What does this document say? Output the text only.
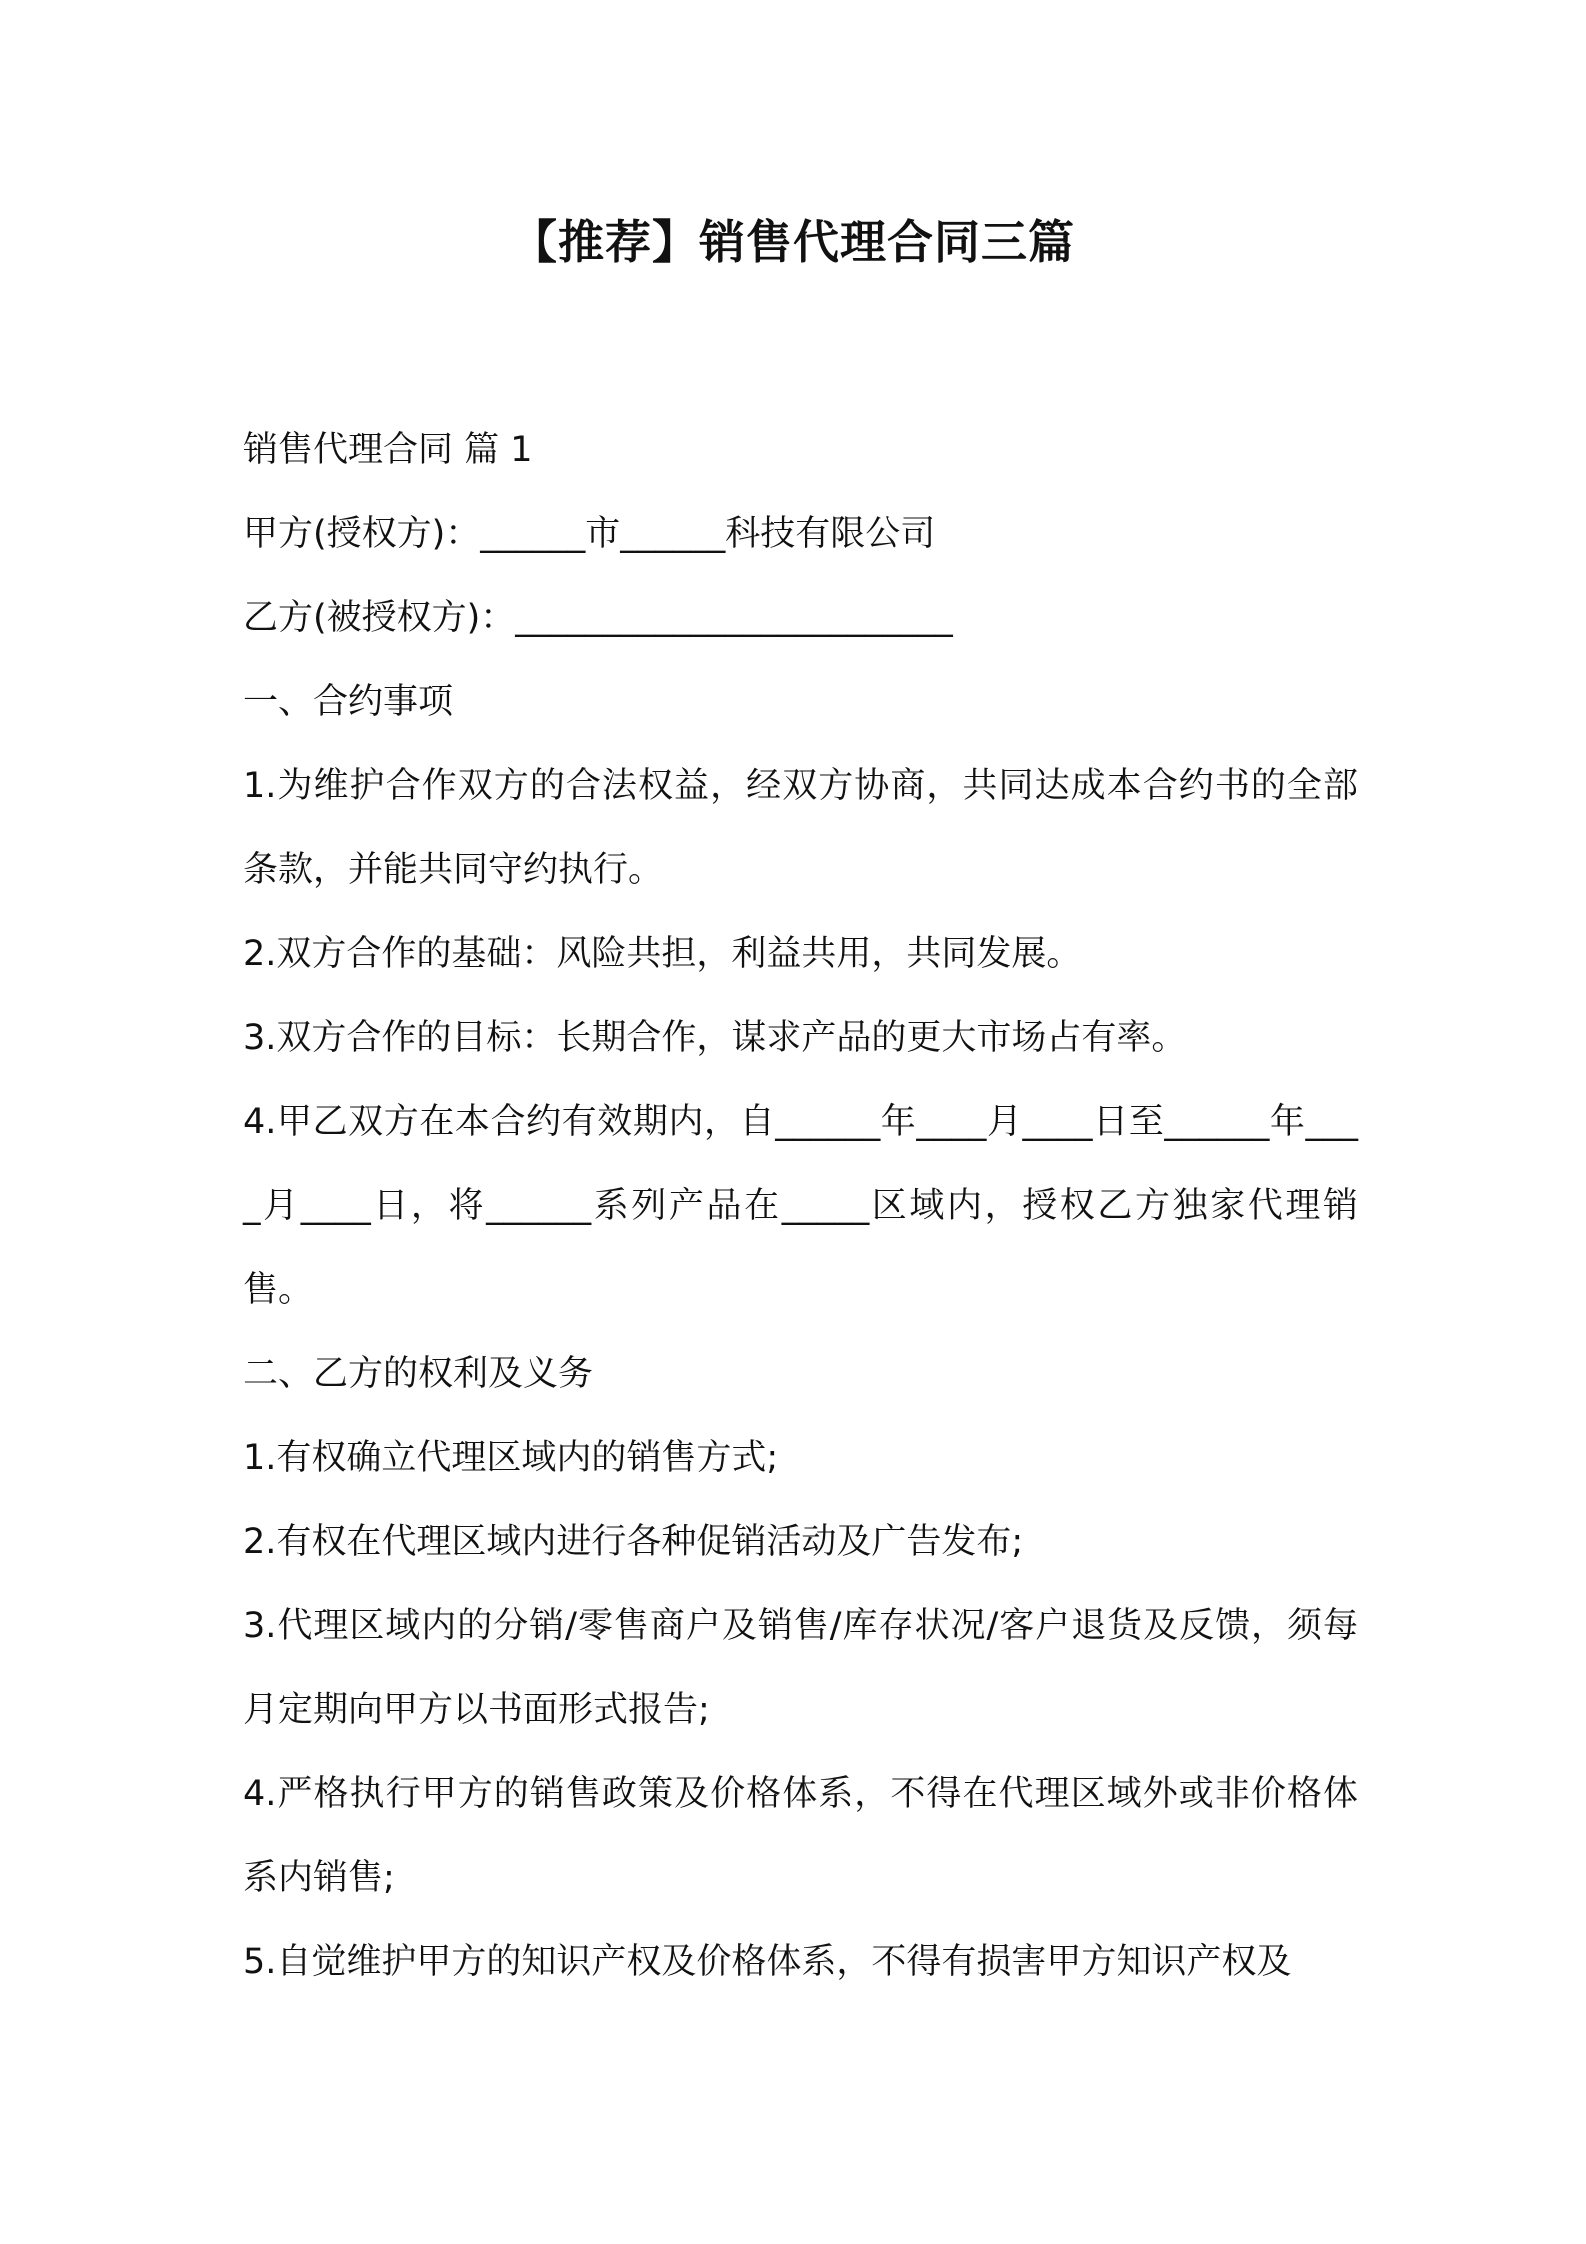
【推荐】销售代理合同三篇

销售代理合同 篇 1

甲方(授权方)：______市______科技有限公司

乙方(被授权方)：_________________________

一、合约事项

1.为维护合作双方的合法权益，经双方协商，共同达成本合约书的全部条款，并能共同守约执行。

2.双方合作的基础：风险共担，利益共用，共同发展。

3.双方合作的目标：长期合作，谋求产品的更大市场占有率。

4.甲乙双方在本合约有效期内，自______年____月____日至______年____月____日，将______系列产品在_____区域内，授权乙方独家代理销售。

二、乙方的权利及义务

1.有权确立代理区域内的销售方式;

2.有权在代理区域内进行各种促销活动及广告发布;

3.代理区域内的分销/零售商户及销售/库存状况/客户退货及反馈，须每月定期向甲方以书面形式报告;

4.严格执行甲方的销售政策及价格体系，不得在代理区域外或非价格体系内销售;

5.自觉维护甲方的知识产权及价格体系，不得有损害甲方知识产权及
